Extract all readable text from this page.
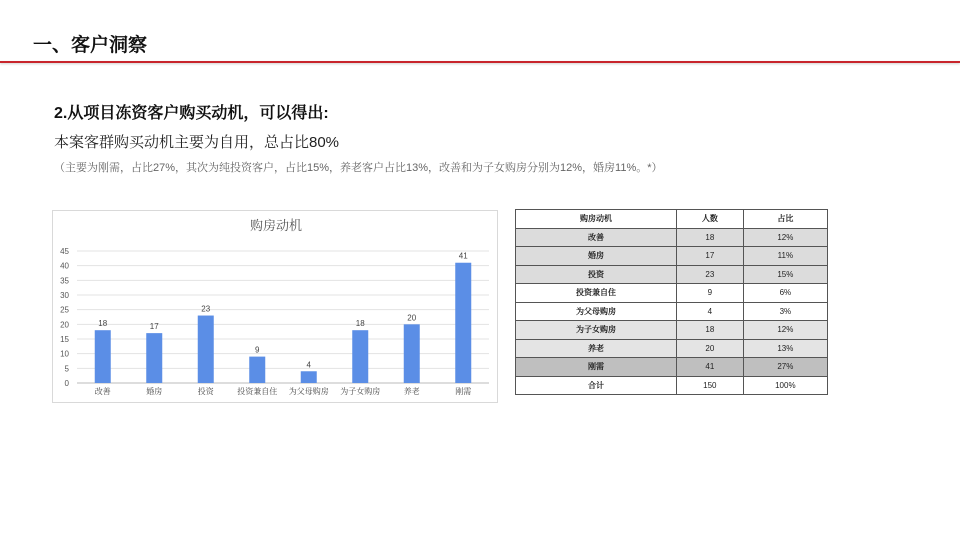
一、客户洞察
2.从项目冻资客户购买动机，可以得出:
本案客群购买动机主要为自用，总占比80%
（主要为刚需，占比27%，其次为纯投资客户，占比15%，养老客户占比13%，改善和为子女购房分别为12%，婚房11%。*）
购房动机
0
5
10
15
20
25
30
35
40
45
18
改善
17
婚房
23
投资
9
投资兼自住
4
为父母购房
18
为子女购房
20
养老
41
刚需
购房动机	人数	占比
改善	18	12%
婚房	17	11%
投资	23	15%
投资兼自住	9	6%
为父母购房	4	3%
为子女购房	18	12%
养老	20	13%
刚需	41	27%
合计	150	100%
